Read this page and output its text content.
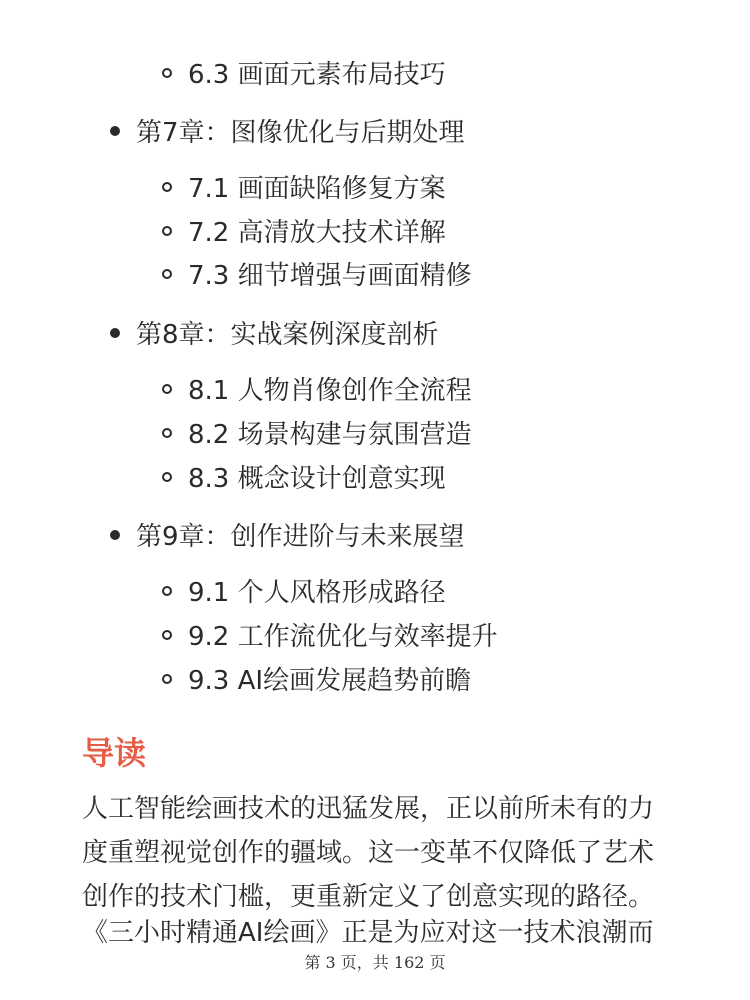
6.3 画面元素布局技巧
第7章：图像优化与后期处理
7.1 画面缺陷修复方案
7.2 高清放大技术详解
7.3 细节增强与画面精修
第8章：实战案例深度剖析
8.1 人物肖像创作全流程
8.2 场景构建与氛围营造
8.3 概念设计创意实现
第9章：创作进阶与未来展望
9.1 个人风格形成路径
9.2 工作流优化与效率提升
9.3 AI绘画发展趋势前瞻
导读
人工智能绘画技术的迅猛发展，正以前所未有的力
度重塑视觉创作的疆域。这一变革不仅降低了艺术
创作的技术门槛，更重新定义了创意实现的路径。
《三小时精通AI绘画》正是为应对这一技术浪潮而
第 3 页，共 162 页
